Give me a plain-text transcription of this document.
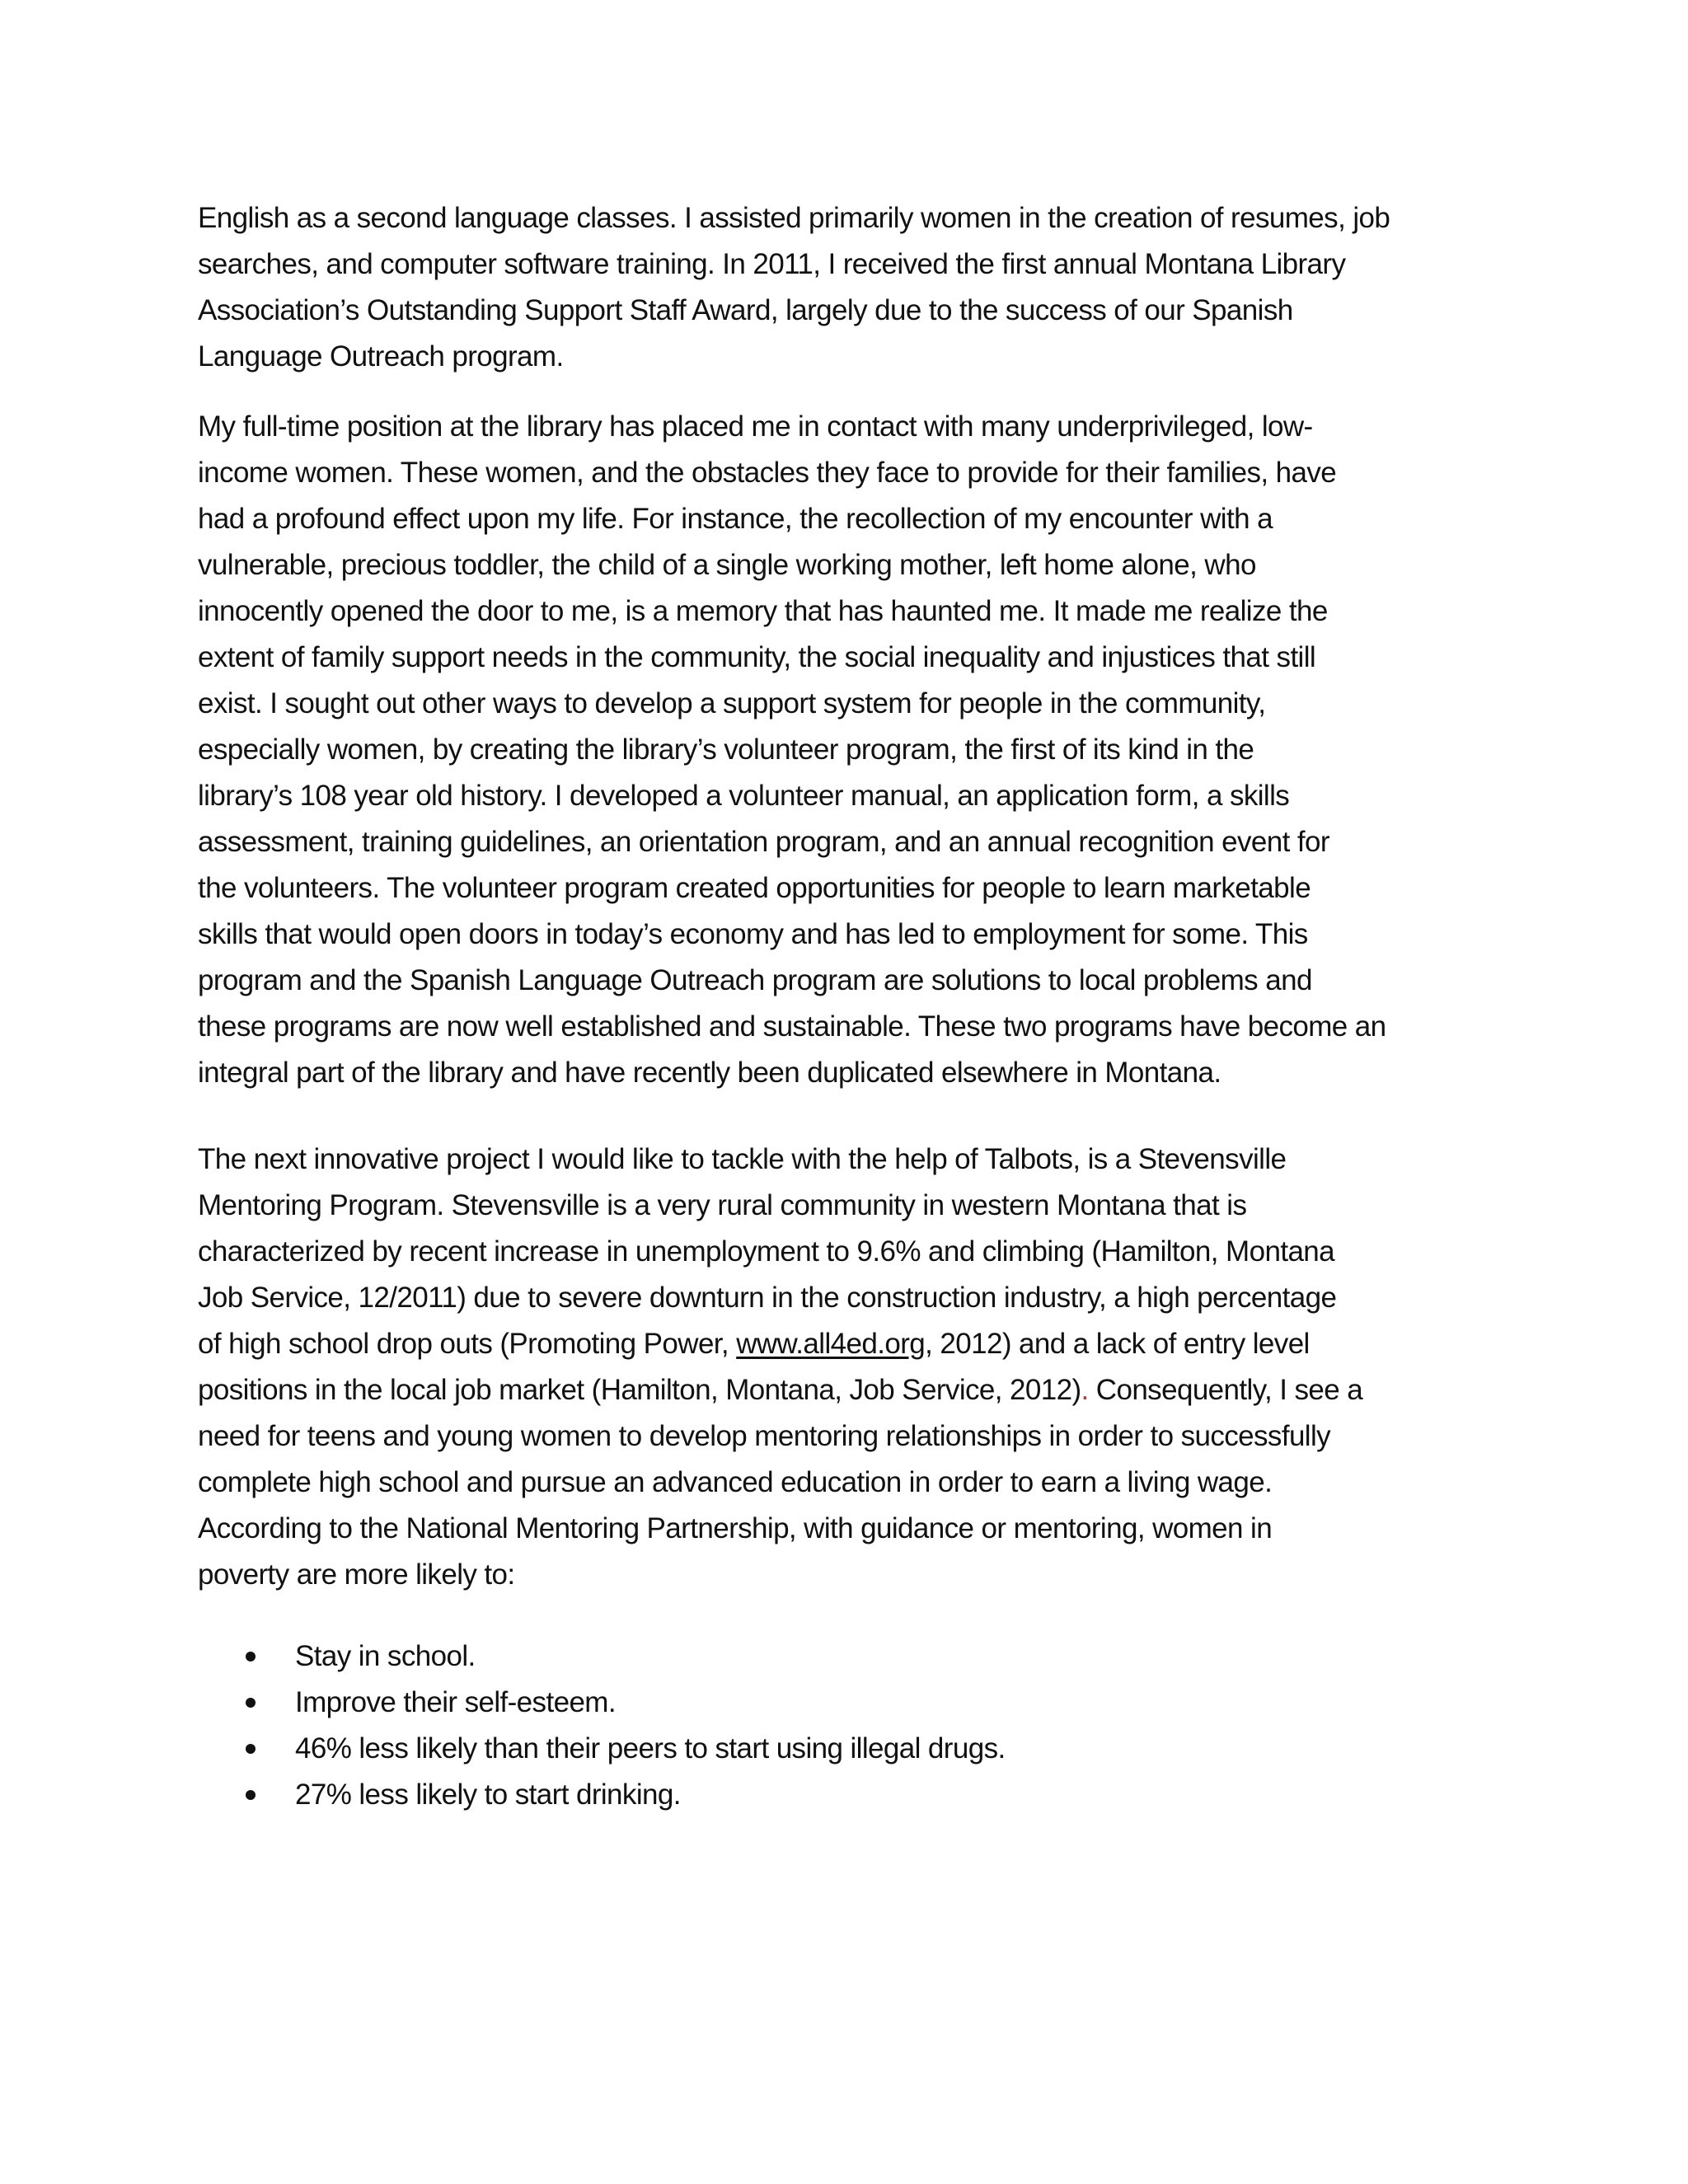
English as a second language classes. I assisted primarily women in the creation of resumes, job
searches, and computer software training. In 2011, I received the first annual Montana Library
Association’s Outstanding Support Staff Award, largely due to the success of our Spanish
Language Outreach program.
My full-time position at the library has placed me in contact with many underprivileged, low-
income women. These women, and the obstacles they face to provide for their families, have
had a profound effect upon my life. For instance, the recollection of my encounter with a
vulnerable, precious toddler, the child of a single working mother, left home alone, who
innocently opened the door to me, is a memory that has haunted me. It made me realize the
extent of family support needs in the community, the social inequality and injustices that still
exist. I sought out other ways to develop a support system for people in the community,
especially women, by creating the library’s volunteer program, the first of its kind in the
library’s 108 year old history. I developed a volunteer manual, an application form, a skills
assessment, training guidelines, an orientation program, and an annual recognition event for
the volunteers. The volunteer program created opportunities for people to learn marketable
skills that would open doors in today’s economy and has led to employment for some. This
program and the Spanish Language Outreach program are solutions to local problems and
these programs are now well established and sustainable. These two programs have become an
integral part of the library and have recently been duplicated elsewhere in Montana.
The next innovative project I would like to tackle with the help of Talbots, is a Stevensville
Mentoring Program. Stevensville is a very rural community in western Montana that is
characterized by recent increase in unemployment to 9.6% and climbing (Hamilton, Montana
Job Service, 12/2011) due to severe downturn in the construction industry, a high percentage
of high school drop outs (Promoting Power, www.all4ed.org, 2012) and a lack of entry level
positions in the local job market (Hamilton, Montana, Job Service, 2012). Consequently, I see a
need for teens and young women to develop mentoring relationships in order to successfully
complete high school and pursue an advanced education in order to earn a living wage.
According to the National Mentoring Partnership, with guidance or mentoring, women in
poverty are more likely to:
Stay in school.
Improve their self-esteem.
46% less likely than their peers to start using illegal drugs.
27% less likely to start drinking.
